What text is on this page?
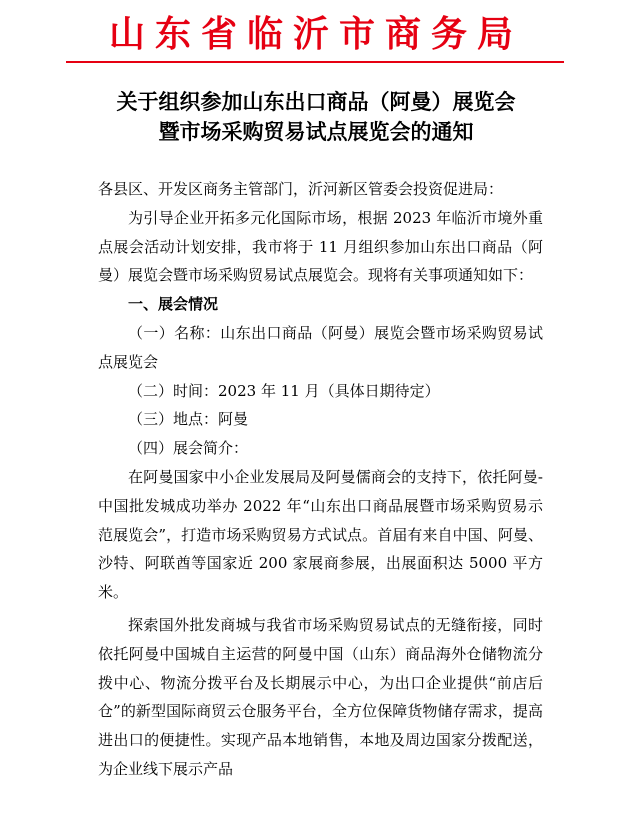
山东省临沂市商务局
关于组织参加山东出口商品（阿曼）展览会
暨市场采购贸易试点展览会的通知

各县区、开发区商务主管部门，沂河新区管委会投资促进局：

为引导企业开拓多元化国际市场，根据 2023 年临沂市境外重点展会活动计划安排，我市将于 11 月组织参加山东出口商品（阿曼）展览会暨市场采购贸易试点展览会。现将有关事项通知如下：

一、展会情况

（一）名称：山东出口商品（阿曼）展览会暨市场采购贸易试点展览会

（二）时间：2023 年 11 月（具体日期待定）

（三）地点：阿曼

（四）展会简介：

在阿曼国家中小企业发展局及阿曼儒商会的支持下，依托阿曼-中国批发城成功举办 2022 年“山东出口商品展暨市场采购贸易示范展览会”，打造市场采购贸易方式试点。首届有来自中国、阿曼、沙特、阿联酋等国家近 200 家展商参展，出展面积达 5000 平方米。

探索国外批发商城与我省市场采购贸易试点的无缝衔接，同时依托阿曼中国城自主运营的阿曼中国（山东）商品海外仓储物流分拨中心、物流分拨平台及长期展示中心，为出口企业提供“前店后仓”的新型国际商贸云仓服务平台，全方位保障货物储存需求，提高进出口的便捷性。实现产品本地销售，本地及周边国家分拨配送，为企业线下展示产品
